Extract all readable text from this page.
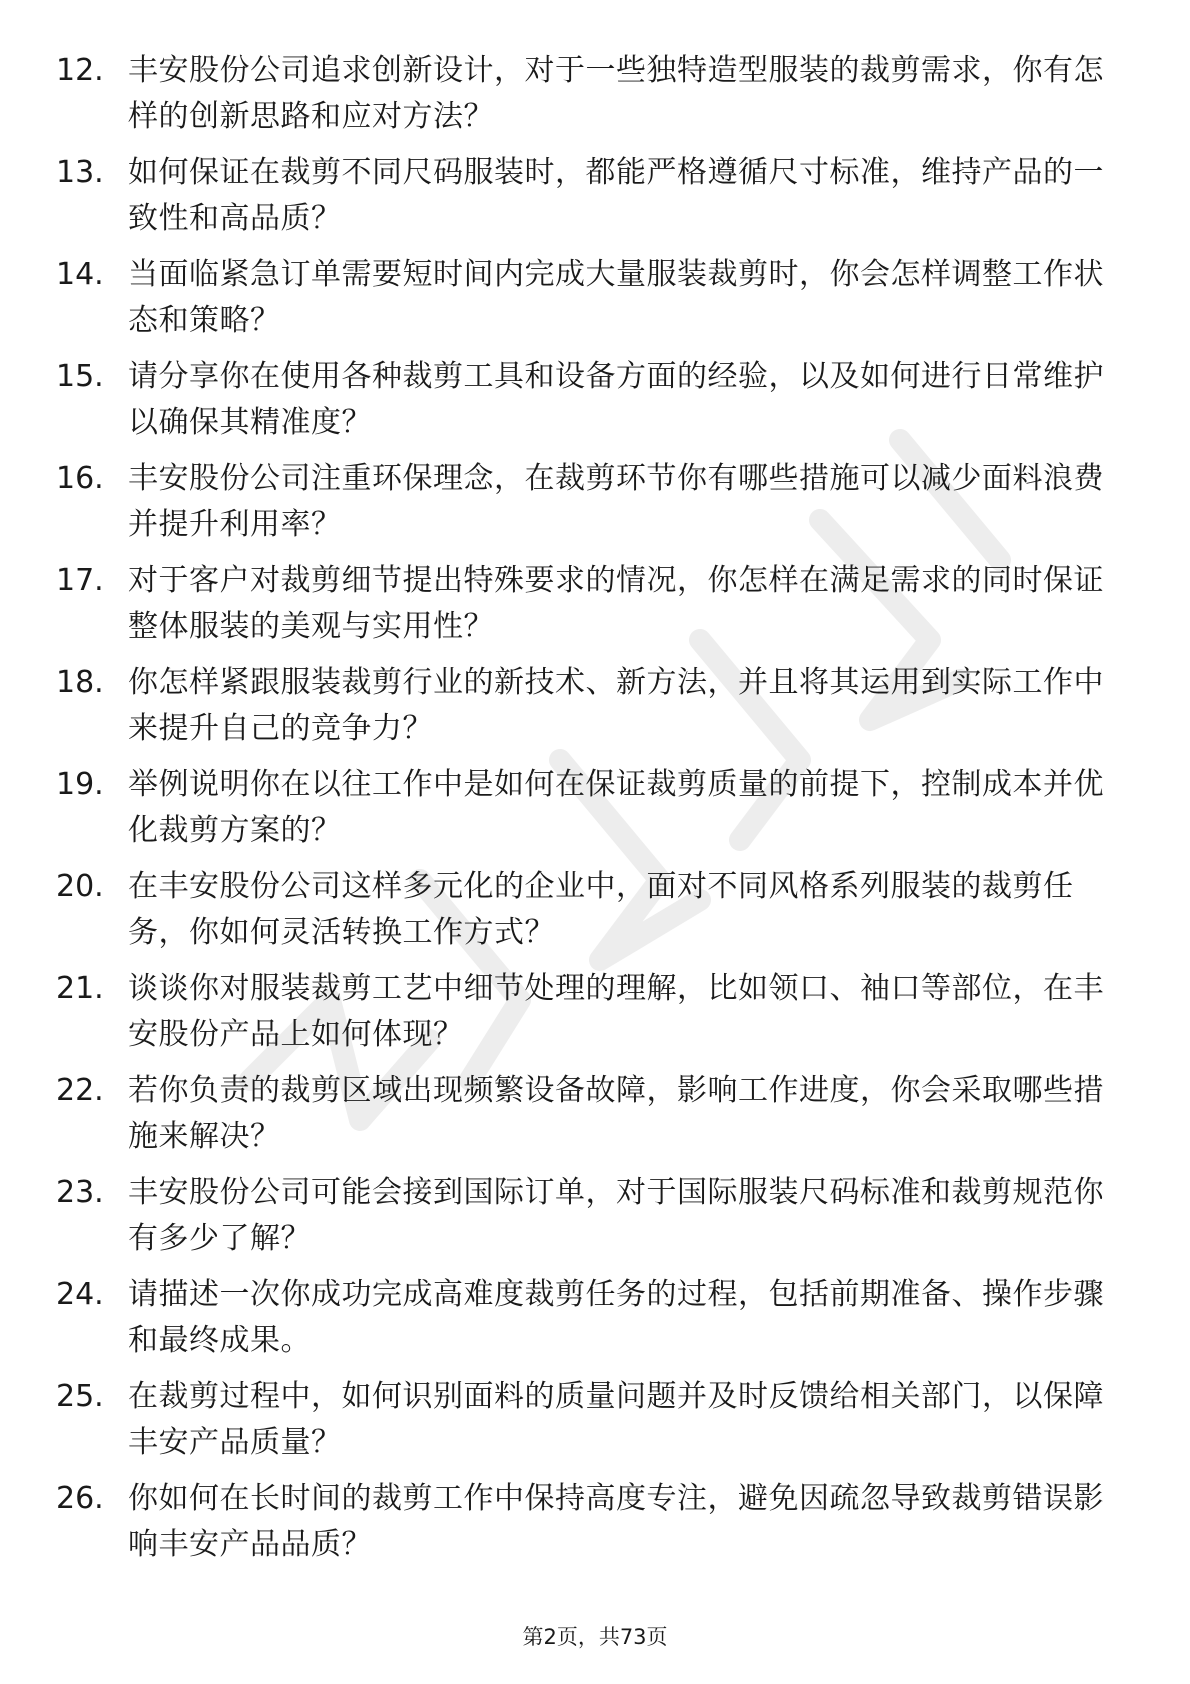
12. 丰安股份公司追求创新设计，对于一些独特造型服装的裁剪需求，你有怎样的创新思路和应对方法？
13. 如何保证在裁剪不同尺码服装时，都能严格遵循尺寸标准，维持产品的一致性和高品质？
14. 当面临紧急订单需要短时间内完成大量服装裁剪时，你会怎样调整工作状态和策略？
15. 请分享你在使用各种裁剪工具和设备方面的经验，以及如何进行日常维护以确保其精准度？
16. 丰安股份公司注重环保理念，在裁剪环节你有哪些措施可以减少面料浪费并提升利用率？
17. 对于客户对裁剪细节提出特殊要求的情况，你怎样在满足需求的同时保证整体服装的美观与实用性？
18. 你怎样紧跟服装裁剪行业的新技术、新方法，并且将其运用到实际工作中来提升自己的竞争力？
19. 举例说明你在以往工作中是如何在保证裁剪质量的前提下，控制成本并优化裁剪方案的？
20. 在丰安股份公司这样多元化的企业中，面对不同风格系列服装的裁剪任务，你如何灵活转换工作方式？
21. 谈谈你对服装裁剪工艺中细节处理的理解，比如领口、袖口等部位，在丰安股份产品上如何体现？
22. 若你负责的裁剪区域出现频繁设备故障，影响工作进度，你会采取哪些措施来解决？
23. 丰安股份公司可能会接到国际订单，对于国际服装尺码标准和裁剪规范你有多少了解？
24. 请描述一次你成功完成高难度裁剪任务的过程，包括前期准备、操作步骤和最终成果。
25. 在裁剪过程中，如何识别面料的质量问题并及时反馈给相关部门，以保障丰安产品质量？
26. 你如何在长时间的裁剪工作中保持高度专注，避免因疏忽导致裁剪错误影响丰安产品品质？
第2页，共73页
